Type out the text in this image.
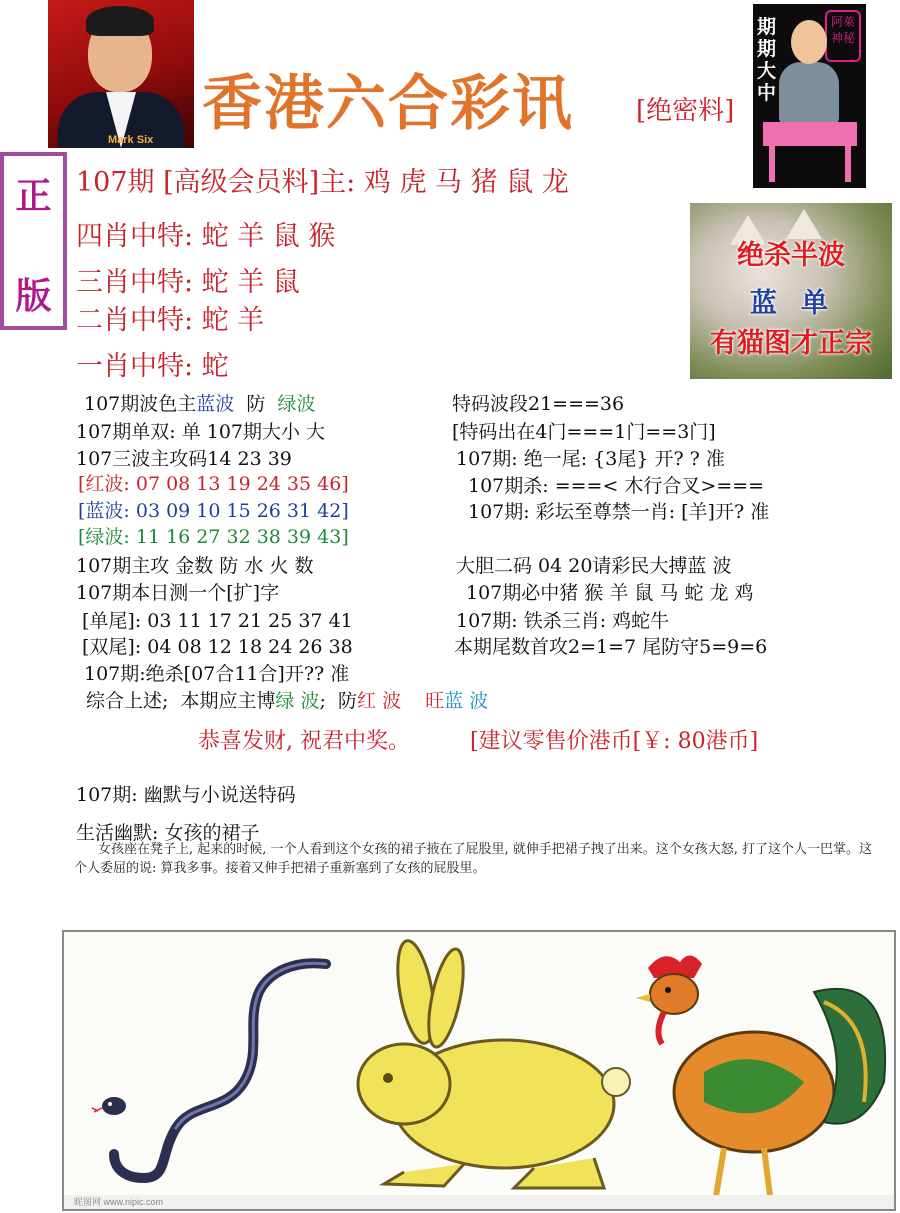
Mark Six
香港六合彩讯 [绝密料]
期期大中
阿萊神秘
正
版
107期 [高级会员料]主: 鸡 虎 马 猪 鼠 龙
四肖中特: 蛇 羊 鼠 猴
三肖中特: 蛇 羊 鼠
二肖中特: 蛇 羊
一肖中特: 蛇
绝杀半波
蓝单
有猫图才正宗
107期波色主蓝波  防  绿波
107期单双: 单 107期大小 大
107三波主攻码14 23 39
[红波: 07 08 13 19 24 35 46]
[蓝波: 03 09 10 15 26 31 42]
[绿波: 11 16 27 32 38 39 43]
107期主攻 金数 防 水 火 数
107期本日测一个[扩]字
[单尾]: 03 11 17 21 25 37 41
[双尾]: 04 08 12 18 24 26 38
107期:绝杀[07合11合]开?? 准
特码波段21===36
[特码出在4门===1门==3门]
107期: 绝一尾: {3尾} 开? ? 准
107期杀: ===< 木行合叉>===
107期: 彩坛至尊禁一肖: [羊]开? 准
大胆二码 04 20请彩民大搏蓝 波
107期必中猪 猴 羊 鼠 马 蛇 龙 鸡
107期: 铁杀三肖: 鸡蛇牛
本期尾数首攻2=1=7 尾防守5=9=6
综合上述;  本期应主博绿 波;  防红 波    旺蓝 波
恭喜发财, 祝君中奖。	[建议零售价港币[￥: 80港币]
107期: 幽默与小说送特码
生活幽默: 女孩的裙子
女孩座在凳子上, 起来的时候, 一个人看到这个女孩的裙子掖在了屁股里, 就伸手把裙子拽了出来。这个女孩大怒, 打了这个人一巴掌。这个人委屈的说: 算我多事。接着又伸手把裙子重新塞到了女孩的屁股里。
昵图网 www.nipic.com
